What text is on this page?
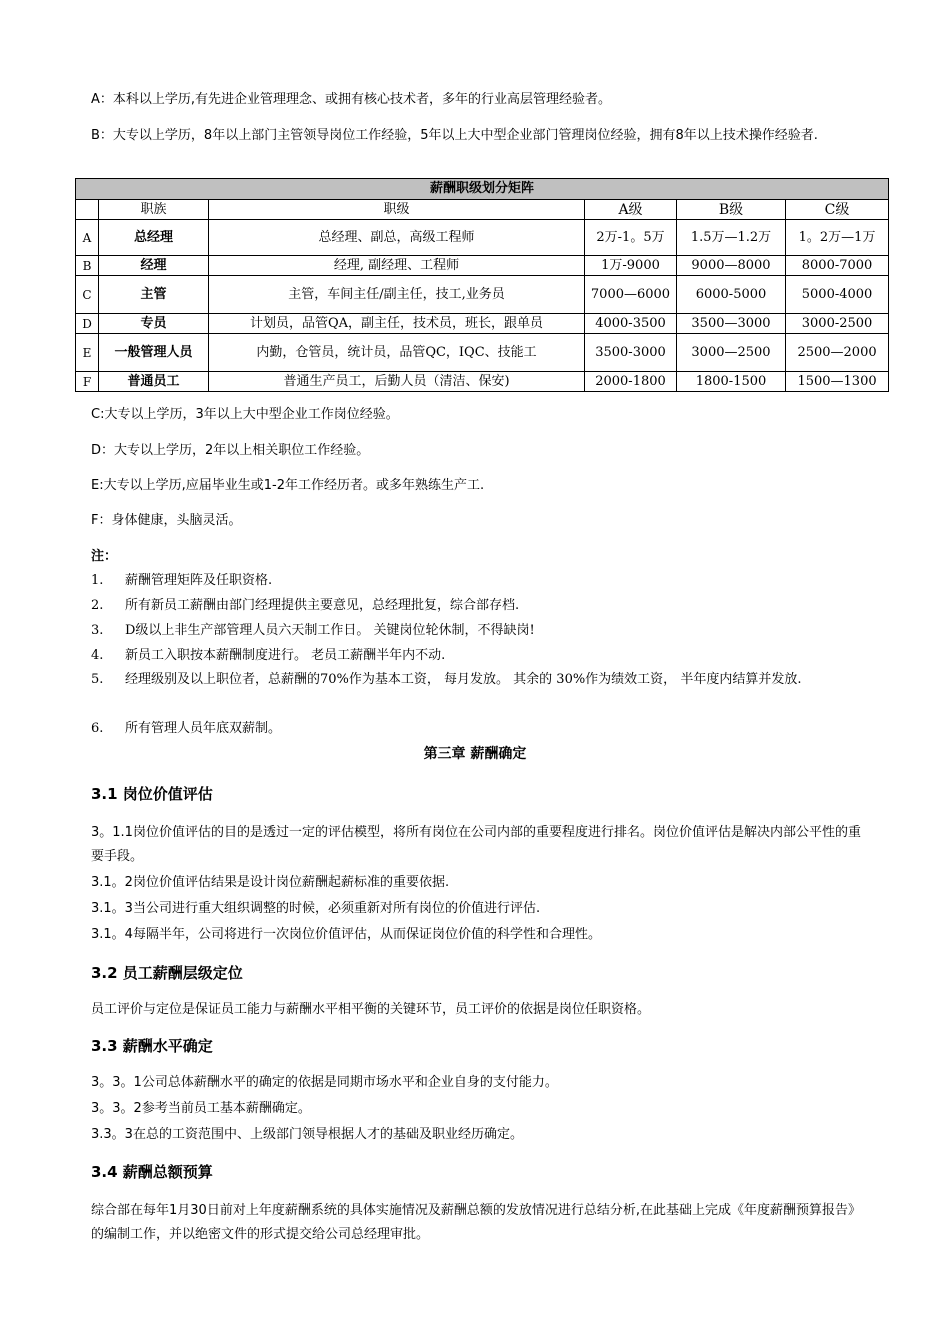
A：本科以上学历,有先进企业管理理念、或拥有核心技术者，多年的行业高层管理经验者。

B：大专以上学历，8年以上部门主管领导岗位工作经验，5年以上大中型企业部门管理岗位经验，拥有8年以上技术操作经验者.

薪酬职级划分矩阵					
	职族	职级	A级	B级	C级
A	总经理	总经理、副总，高级工程师	2万-1。5万	1.5万—1.2万	1。2万—1万
B	经理	经理, 副经理、工程师	1万-9000	9000—8000	8000-7000
C	主管	主管，车间主任/副主任，技工,业务员	7000—6000	6000-5000	5000-4000
D	专员	计划员，品管QA，副主任，技术员，班长，跟单员	4000-3500	3500—3000	3000-2500
E	一般管理人员	内勤，仓管员，统计员，品管QC，IQC、技能工	3500-3000	3000—2500	2500—2000
F	普通员工	普通生产员工，后勤人员（清洁、保安)	2000-1800	1800-1500	1500—1300

C:大专以上学历，3年以上大中型企业工作岗位经验。

D：大专以上学历，2年以上相关职位工作经验。

E:大专以上学历,应届毕业生或1-2年工作经历者。或多年熟练生产工.

F：身体健康，头脑灵活。

注：
1.	薪酬管理矩阵及任职资格.
2.	所有新员工薪酬由部门经理提供主要意见，总经理批复，综合部存档.
3.	D级以上非生产部管理人员六天制工作日。 关键岗位轮休制，不得缺岗!
4.	新员工入职按本薪酬制度进行。 老员工薪酬半年内不动.
5.	经理级别及以上职位者，总薪酬的70%作为基本工资， 每月发放。 其余的 30%作为绩效工资， 半年度内结算并发放.
6.	所有管理人员年底双薪制。
第三章 薪酬确定
3.1 岗位价值评估

3。1.1岗位价值评估的目的是透过一定的评估模型，将所有岗位在公司内部的重要程度进行排名。岗位价值评估是解决内部公平性的重要手段。

3.1。2岗位价值评估结果是设计岗位薪酬起薪标准的重要依据.

3.1。3当公司进行重大组织调整的时候，必须重新对所有岗位的价值进行评估.

3.1。4每隔半年，公司将进行一次岗位价值评估，从而保证岗位价值的科学性和合理性。

3.2 员工薪酬层级定位

员工评价与定位是保证员工能力与薪酬水平相平衡的关键环节，员工评价的依据是岗位任职资格。

3.3 薪酬水平确定

3。3。1公司总体薪酬水平的确定的依据是同期市场水平和企业自身的支付能力。

3。3。2参考当前员工基本薪酬确定。

3.3。3在总的工资范围中、上级部门领导根据人才的基础及职业经历确定。

3.4 薪酬总额预算

综合部在每年1月30日前对上年度薪酬系统的具体实施情况及薪酬总额的发放情况进行总结分析,在此基础上完成《年度薪酬预算报告》的编制工作，并以绝密文件的形式提交给公司总经理审批。
